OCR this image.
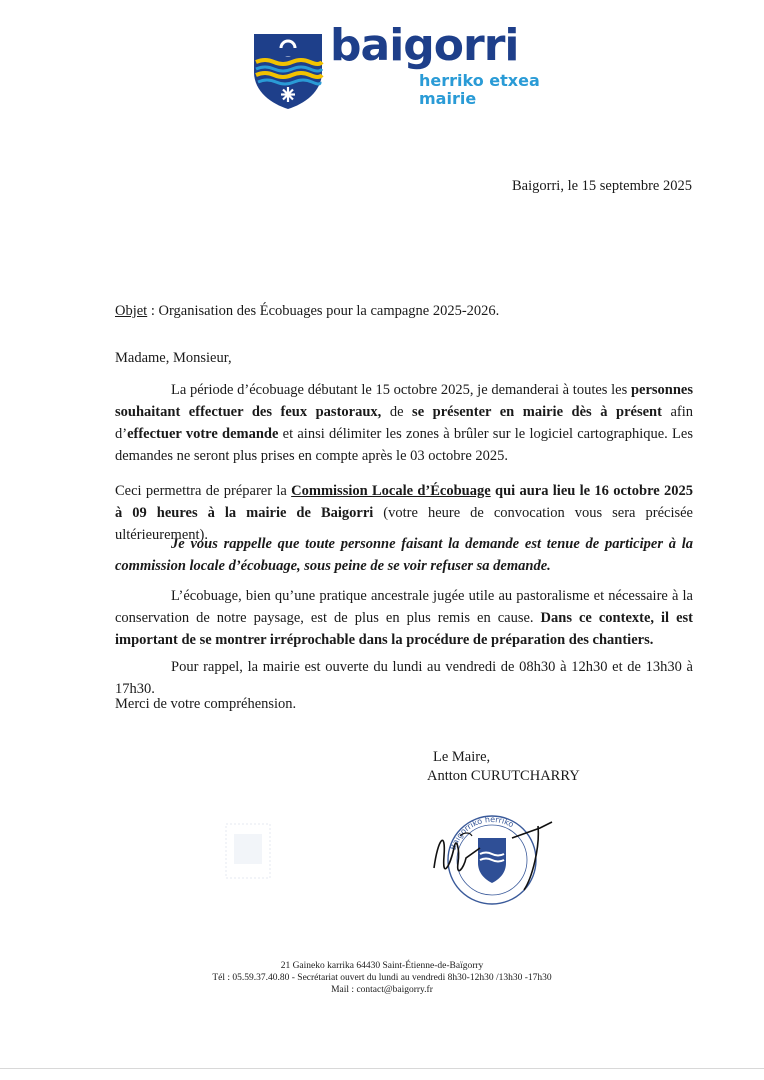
baigorri
herriko etxea
mairie
Baigorri, le 15 septembre 2025
Objet : Organisation des Écobuages pour la campagne 2025-2026.
Madame, Monsieur,
La période d’écobuage débutant le 15 octobre 2025, je demanderai à toutes les personnes souhaitant effectuer des feux pastoraux, de se présenter en mairie dès à présent afin d’effectuer votre demande et ainsi délimiter les zones à brûler sur le logiciel cartographique. Les demandes ne seront plus prises en compte après le 03 octobre 2025.
Ceci permettra de préparer la Commission Locale d’Écobuage qui aura lieu le 16 octobre 2025 à 09 heures à la mairie de Baigorri (votre heure de convocation vous sera précisée ultérieurement).
Je vous rappelle que toute personne faisant la demande est tenue de participer à la commission locale d’écobuage, sous peine de se voir refuser sa demande.
L’écobuage, bien qu’une pratique ancestrale jugée utile au pastoralisme et nécessaire à la conservation de notre paysage, est de plus en plus remis en cause. Dans ce contexte, il est important de se montrer irréprochable dans la procédure de préparation des chantiers.
Pour rappel, la mairie est ouverte du lundi au vendredi de 08h30 à 12h30 et de 13h30 à 17h30.
Merci de votre compréhension.
Le Maire,
Antton CURUTCHARRY
Baigorriko herriko
21 Gaineko karrika 64430 Saint-Étienne-de-Baïgorry
Tél : 05.59.37.40.80 - Secrétariat ouvert du lundi au vendredi 8h30-12h30 /13h30 -17h30
Mail : contact@baigorry.fr
